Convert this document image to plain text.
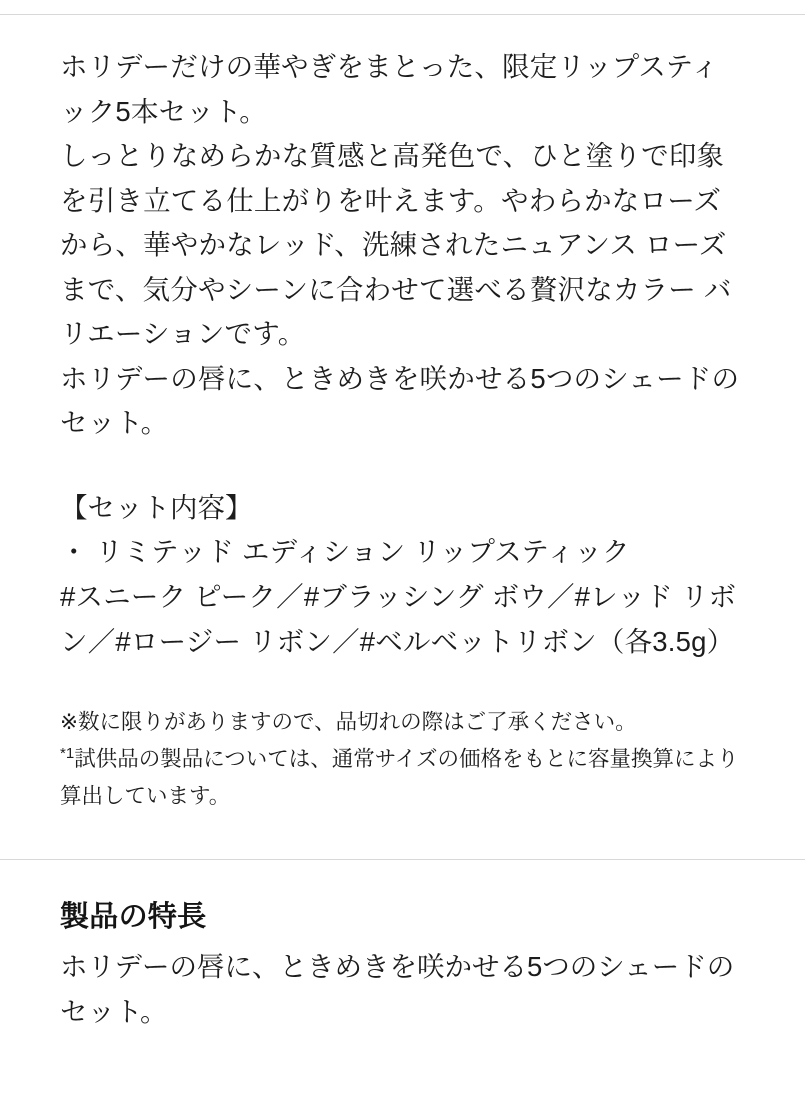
ホリデーだけの華やぎをまとった、限定リップスティック5本セット。

しっとりなめらかな質感と高発色で、ひと塗りで印象を引き立てる仕上がりを叶えます。やわらかなローズから、華やかなレッド、洗練されたニュアンス ローズまで、気分やシーンに合わせて選べる贅沢なカラー バリエーションです。

ホリデーの唇に、ときめきを咲かせる5つのシェードのセット。

【セット内容】

・ リミテッド エディション リップスティック

#スニーク ピーク／#ブラッシング ボウ／#レッド リボン／#ロージー リボン／#ベルベットリボン（各3.5g）

※数に限りがありますので、品切れの際はご了承ください。

$^{*1}$試供品の製品については、通常サイズの価格をもとに容量換算により算出しています。

製品の特長

ホリデーの唇に、ときめきを咲かせる5つのシェードのセット。
